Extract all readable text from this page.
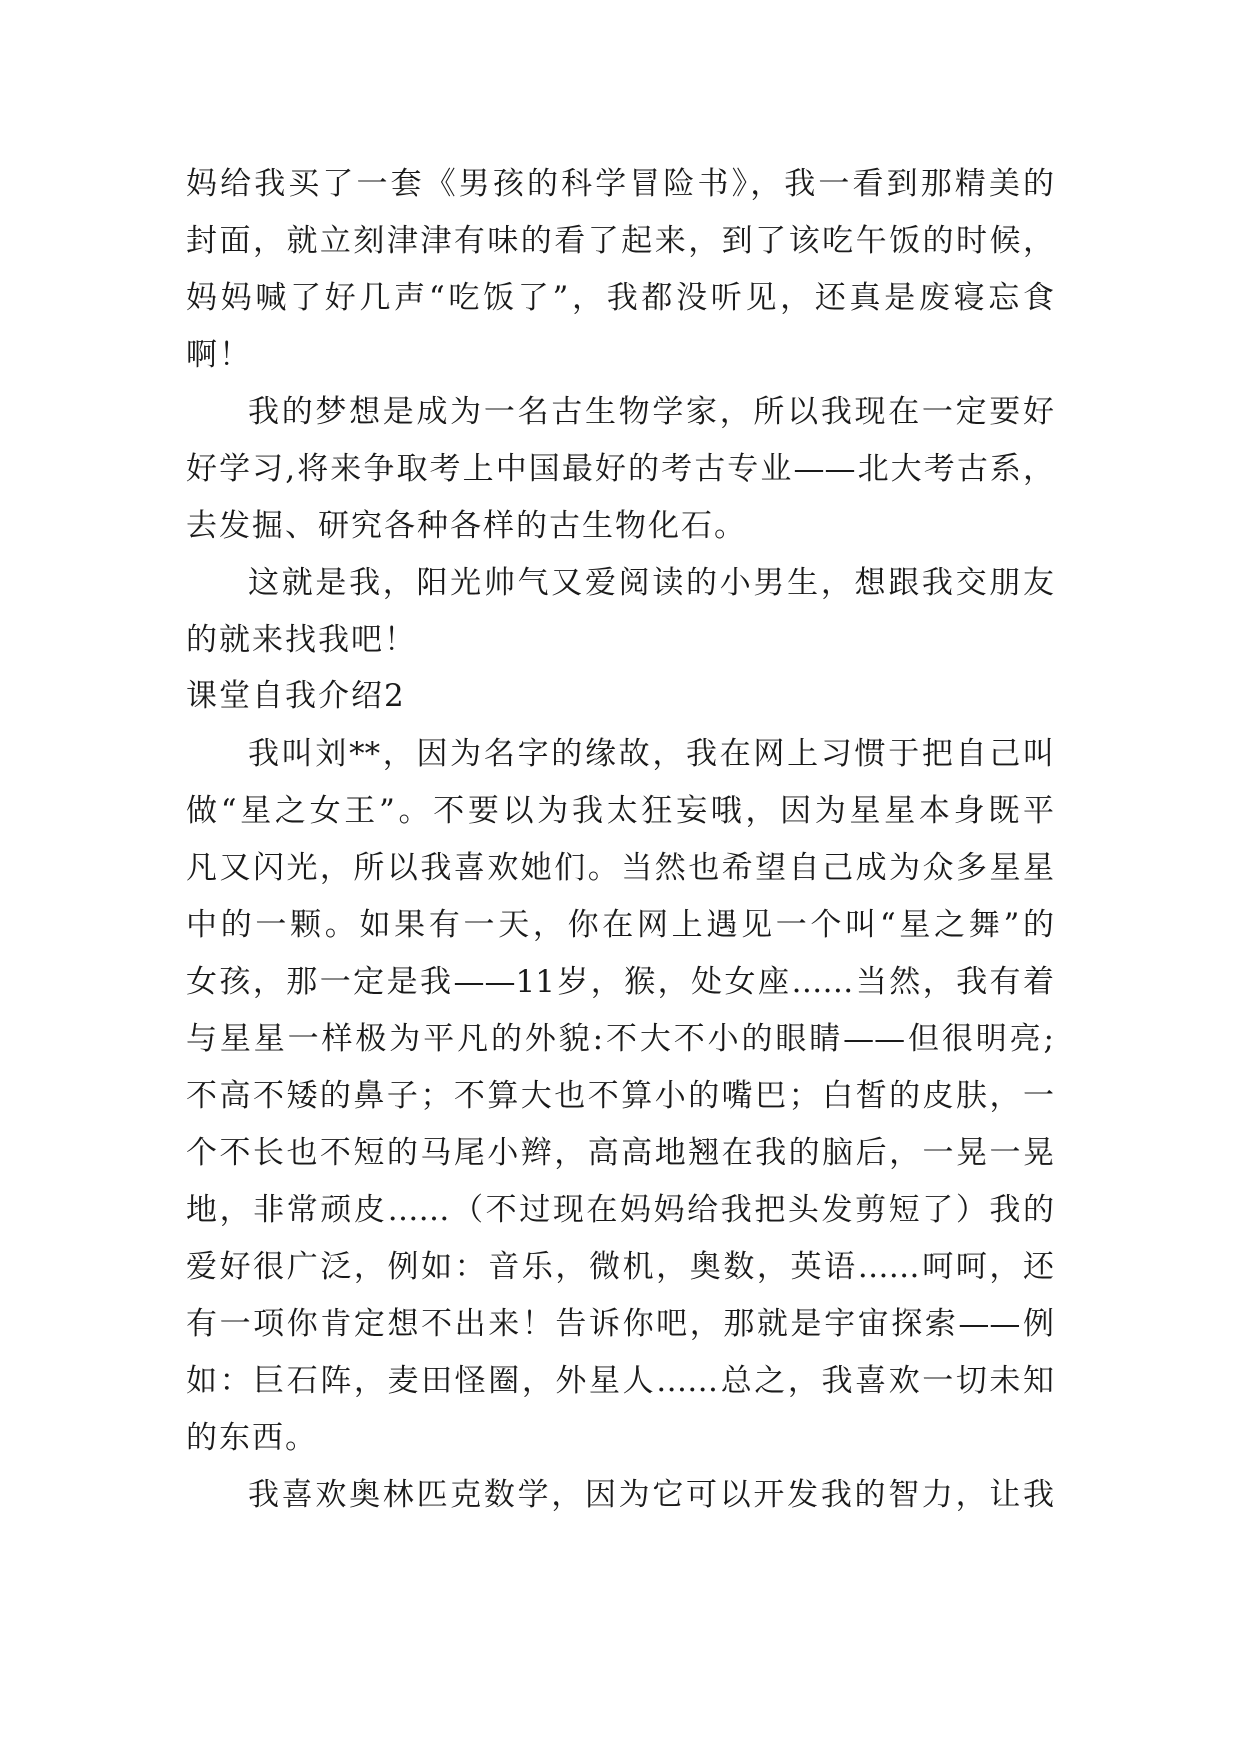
妈给我买了一套《男孩的科学冒险书》，我一看到那精美的
封面，就立刻津津有味的看了起来，到了该吃午饭的时候，
妈妈喊了好几声“吃饭了”，我都没听见，还真是废寝忘食
啊！
我的梦想是成为一名古生物学家，所以我现在一定要好
好学习,将来争取考上中国最好的考古专业——北大考古系，
去发掘、研究各种各样的古生物化石。
这就是我，阳光帅气又爱阅读的小男生，想跟我交朋友
的就来找我吧！
课堂自我介绍2
我叫刘**，因为名字的缘故，我在网上习惯于把自己叫
做“星之女王”。不要以为我太狂妄哦，因为星星本身既平
凡又闪光，所以我喜欢她们。当然也希望自己成为众多星星
中的一颗。如果有一天，你在网上遇见一个叫“星之舞”的
女孩，那一定是我——11岁，猴，处女座……当然，我有着
与星星一样极为平凡的外貌:不大不小的眼睛——但很明亮;
不高不矮的鼻子；不算大也不算小的嘴巴；白皙的皮肤，一
个不长也不短的马尾小辫，高高地翘在我的脑后，一晃一晃
地，非常顽皮……（不过现在妈妈给我把头发剪短了）我的
爱好很广泛，例如：音乐，微机，奥数，英语……呵呵，还
有一项你肯定想不出来！告诉你吧，那就是宇宙探索——例
如：巨石阵，麦田怪圈，外星人……总之，我喜欢一切未知
的东西。
我喜欢奥林匹克数学，因为它可以开发我的智力，让我
